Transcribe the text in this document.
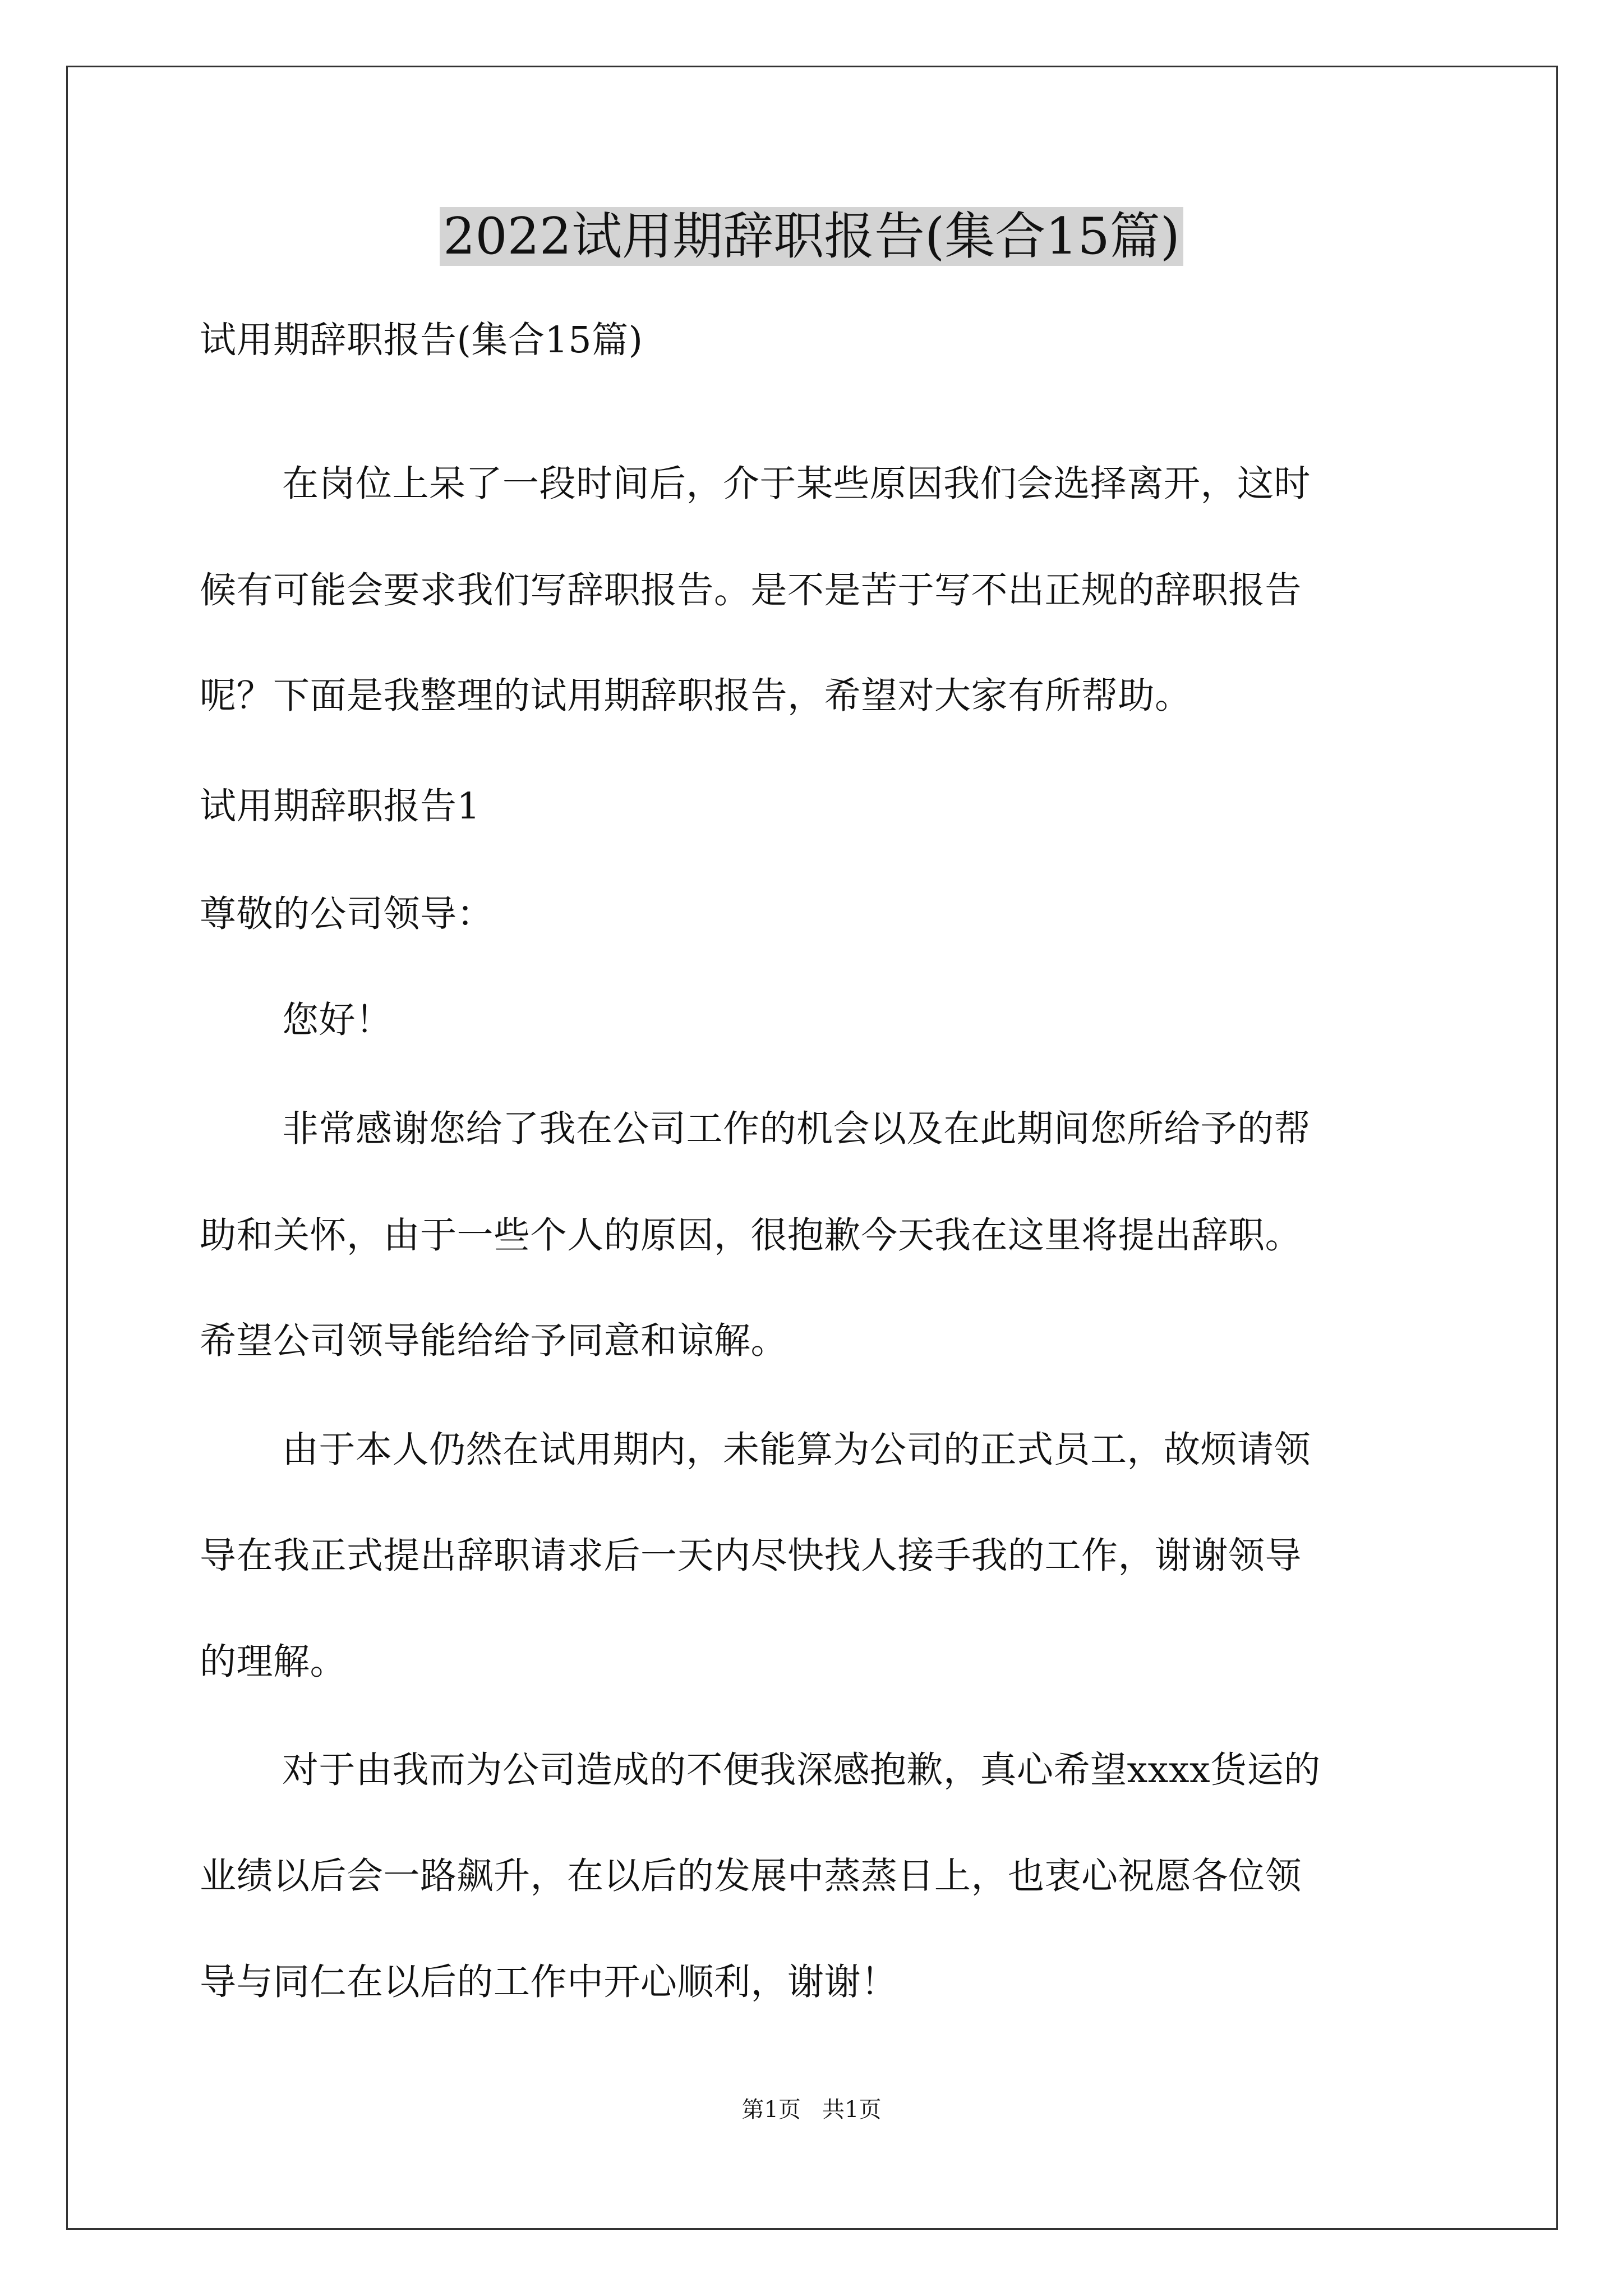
2022试用期辞职报告(集合15篇)
试用期辞职报告(集合15篇)
在岗位上呆了一段时间后，介于某些原因我们会选择离开，这时
候有可能会要求我们写辞职报告。是不是苦于写不出正规的辞职报告
呢？下面是我整理的试用期辞职报告，希望对大家有所帮助。
试用期辞职报告1
尊敬的公司领导：
您好！
非常感谢您给了我在公司工作的机会以及在此期间您所给予的帮
助和关怀，由于一些个人的原因，很抱歉今天我在这里将提出辞职。
希望公司领导能给给予同意和谅解。
由于本人仍然在试用期内，未能算为公司的正式员工，故烦请领
导在我正式提出辞职请求后一天内尽快找人接手我的工作，谢谢领导
的理解。
对于由我而为公司造成的不便我深感抱歉，真心希望xxxx货运的
业绩以后会一路飙升，在以后的发展中蒸蒸日上，也衷心祝愿各位领
导与同仁在以后的工作中开心顺利，谢谢！
第1页   共1页
